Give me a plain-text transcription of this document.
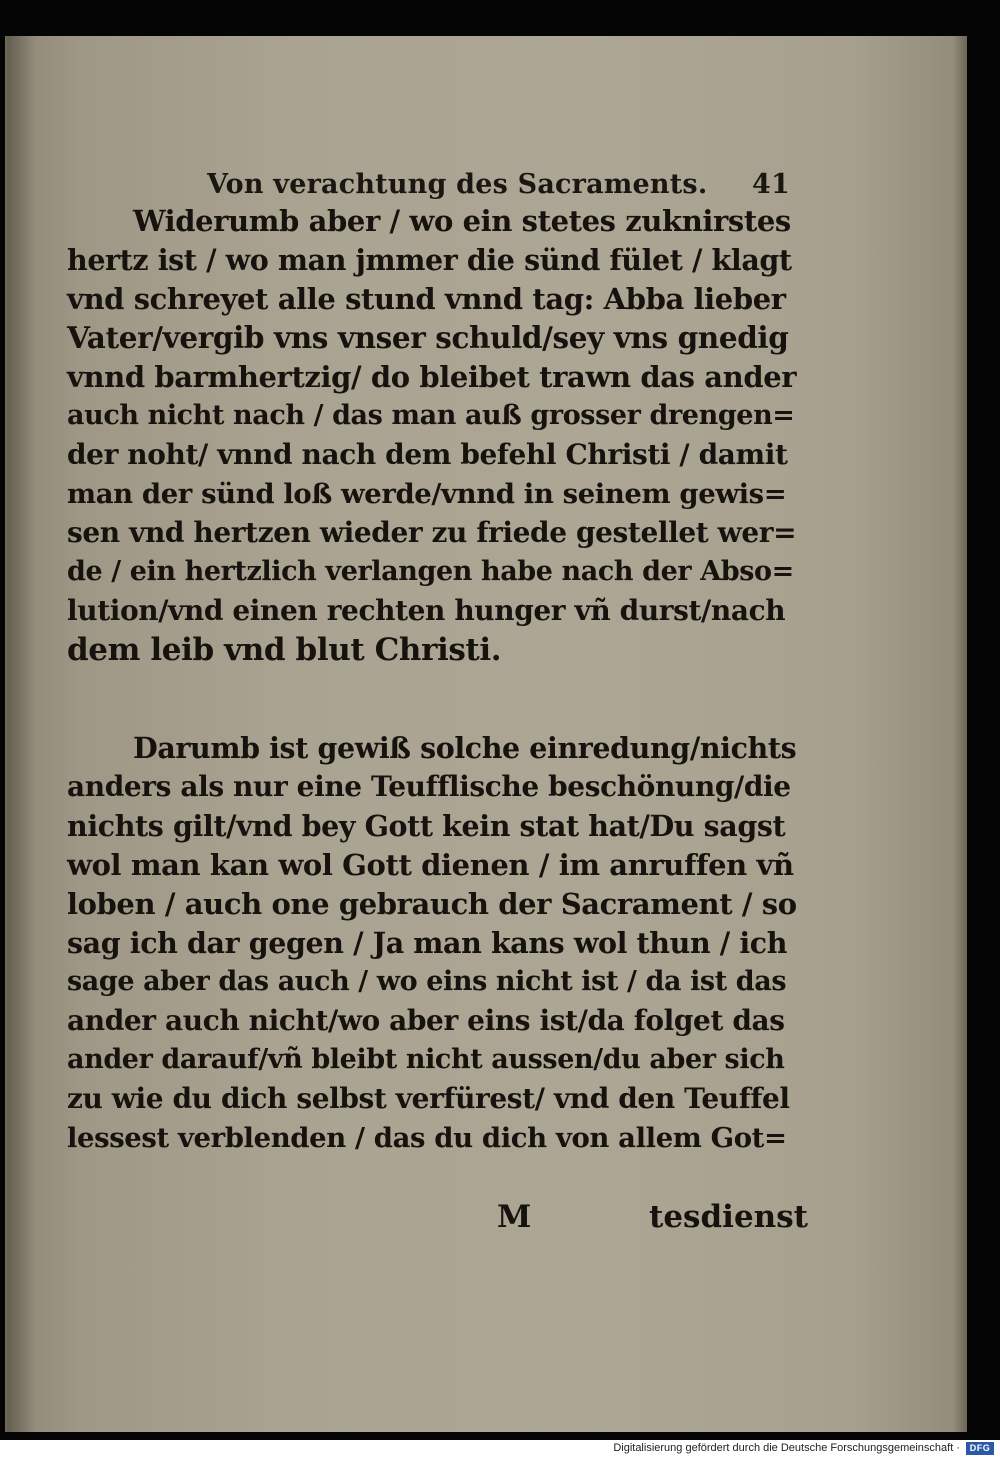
Von verachtung des Sacraments. 41
Widerumb aber / wo ein stetes zuknirstes
hertz ist / wo man jmmer die sünd fület / klagt
vnd schreyet alle stund vnnd tag: Abba lieber
Vater/vergib vns vnser schuld/sey vns gnedig
vnnd barmhertzig/ do bleibet trawn das ander
auch nicht nach / das man auß grosser drengen=
der noht/ vnnd nach dem befehl Christi / damit
man der sünd loß werde/vnnd in seinem gewis=
sen vnd hertzen wieder zu friede gestellet wer=
de / ein hertzlich verlangen habe nach der Abso=
lution/vnd einen rechten hunger vñ durst/nach
dem leib vnd blut Christi.
Darumb ist gewiß solche einredung/nichts
anders als nur eine Teufflische beschönung/die
nichts gilt/vnd bey Gott kein stat hat/Du sagst
wol man kan wol Gott dienen / im anruffen vñ
loben / auch one gebrauch der Sacrament / so
sag ich dar gegen / Ja man kans wol thun / ich
sage aber das auch / wo eins nicht ist / da ist das
ander auch nicht/wo aber eins ist/da folget das
ander darauf/vñ bleibt nicht aussen/du aber sich
zu wie du dich selbst verfürest/ vnd den Teuffel
lessest verblenden / das du dich von allem Got=
M	tesdienst
Digitalisierung gefördert durch die Deutsche Forschungsgemeinschaft ·	DFG
